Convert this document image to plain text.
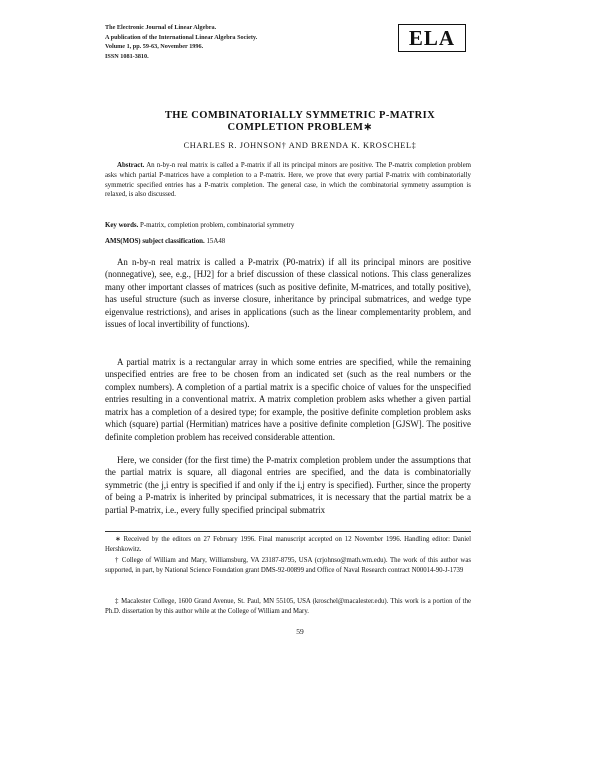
The Electronic Journal of Linear Algebra.
A publication of the International Linear Algebra Society.
Volume 1, pp. 59-63, November 1996.
ISSN 1081-3810.
ELA
THE COMBINATORIALLY SYMMETRIC P-MATRIX
COMPLETION PROBLEM∗
CHARLES R. JOHNSON† AND BRENDA K. KROSCHEL‡
Abstract. An n-by-n real matrix is called a P-matrix if all its principal minors are positive. The P-matrix completion problem asks which partial P-matrices have a completion to a P-matrix. Here, we prove that every partial P-matrix with combinatorially symmetric specified entries has a P-matrix completion. The general case, in which the combinatorial symmetry assumption is relaxed, is also discussed.
Key words. P-matrix, completion problem, combinatorial symmetry
AMS(MOS) subject classification. 15A48
An n-by-n real matrix is called a P-matrix (P0-matrix) if all its principal minors are positive (nonnegative), see, e.g., [HJ2] for a brief discussion of these classical notions. This class generalizes many other important classes of matrices (such as positive definite, M-matrices, and totally positive), has useful structure (such as inverse closure, inheritance by principal submatrices, and wedge type eigenvalue restrictions), and arises in applications (such as the linear complementarity problem, and issues of local invertibility of functions).
A partial matrix is a rectangular array in which some entries are specified, while the remaining unspecified entries are free to be chosen from an indicated set (such as the real numbers or the complex numbers). A completion of a partial matrix is a specific choice of values for the unspecified entries resulting in a conventional matrix. A matrix completion problem asks whether a given partial matrix has a completion of a desired type; for example, the positive definite completion problem asks which (square) partial (Hermitian) matrices have a positive definite completion [GJSW]. The positive definite completion problem has received considerable attention.
Here, we consider (for the first time) the P-matrix completion problem under the assumptions that the partial matrix is square, all diagonal entries are specified, and the data is combinatorially symmetric (the j,i entry is specified if and only if the i,j entry is specified). Further, since the property of being a P-matrix is inherited by principal submatrices, it is necessary that the partial matrix be a partial P-matrix, i.e., every fully specified principal submatrix
∗ Received by the editors on 27 February 1996. Final manuscript accepted on 12 November 1996. Handling editor: Daniel Hershkowitz.
† College of William and Mary, Williamsburg, VA 23187-8795, USA (crjohnso@math.wm.edu). The work of this author was supported, in part, by National Science Foundation grant DMS-92-00899 and Office of Naval Research contract N00014-90-J-1739
‡ Macalester College, 1600 Grand Avenue, St. Paul, MN 55105, USA (kroschel@macalester.edu). This work is a portion of the Ph.D. dissertation by this author while at the College of William and Mary.
59
